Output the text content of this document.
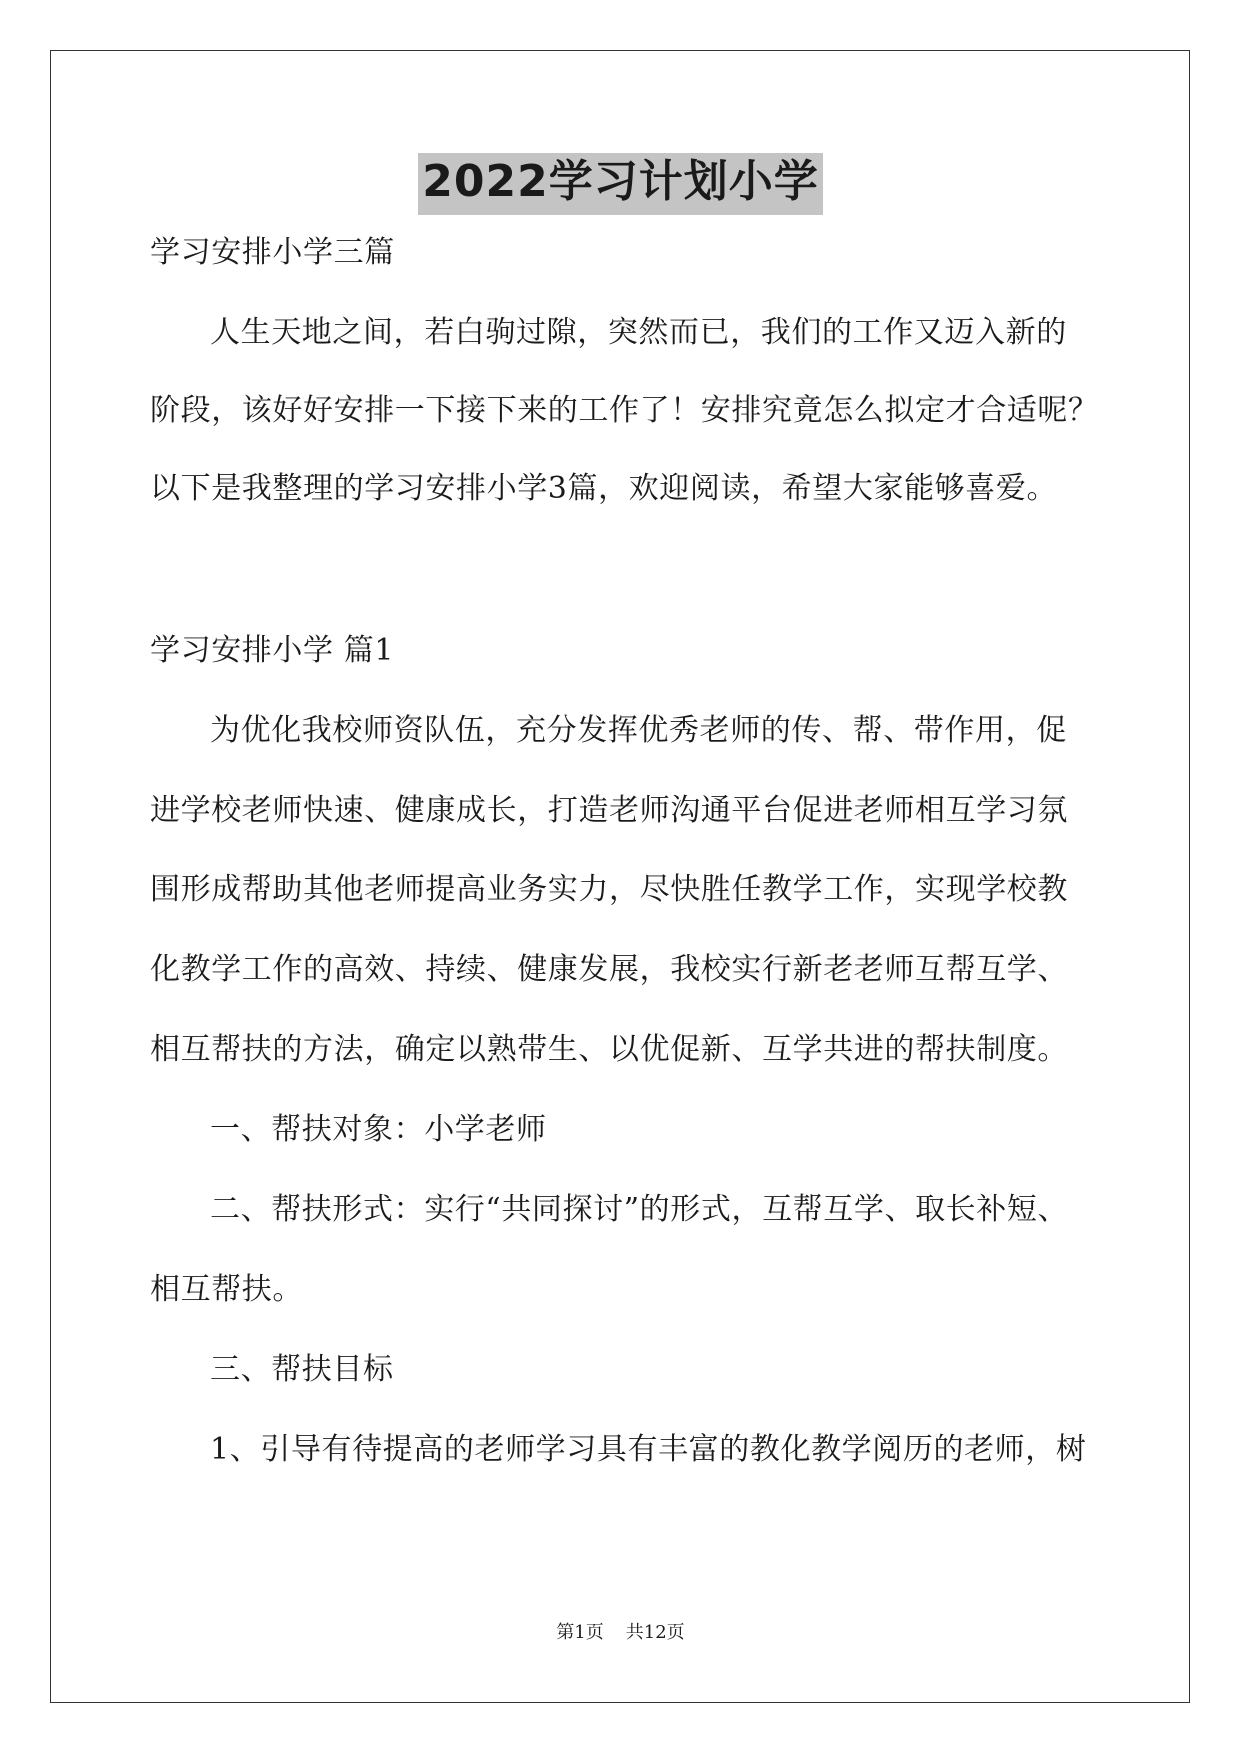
2022学习计划小学

学习安排小学三篇

人生天地之间，若白驹过隙，突然而已，我们的工作又迈入新的

阶段，该好好安排一下接下来的工作了！安排究竟怎么拟定才合适呢？

以下是我整理的学习安排小学3篇，欢迎阅读，希望大家能够喜爱。

学习安排小学 篇1

为优化我校师资队伍，充分发挥优秀老师的传、帮、带作用，促

进学校老师快速、健康成长，打造老师沟通平台促进老师相互学习氛

围形成帮助其他老师提高业务实力，尽快胜任教学工作，实现学校教

化教学工作的高效、持续、健康发展，我校实行新老老师互帮互学、

相互帮扶的方法，确定以熟带生、以优促新、互学共进的帮扶制度。

一、帮扶对象：小学老师

二、帮扶形式：实行“共同探讨”的形式，互帮互学、取长补短、

相互帮扶。

三、帮扶目标

1、引导有待提高的老师学习具有丰富的教化教学阅历的老师，树

第1页 共12页
